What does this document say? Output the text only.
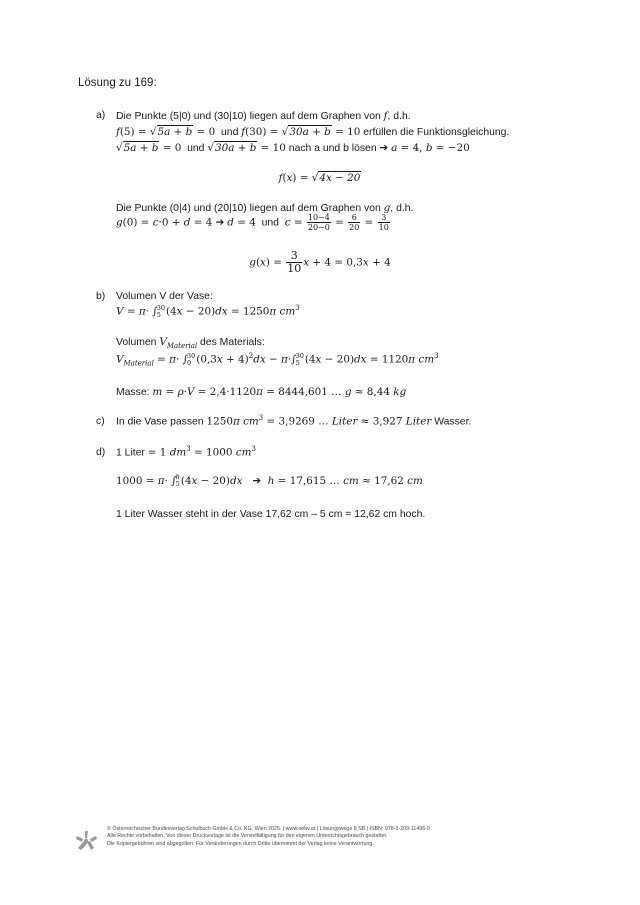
Lösung zu 169:
a) Die Punkte (5|0) und (30|10) liegen auf dem Graphen von f, d.h.
f(5) = √5a + b = 0  und f(30) = √30a + b = 10 erfüllen die Funktionsgleichung.
√5a + b = 0  und √30a + b = 10 nach a und b lösen ➔ a = 4, b = −20
f(x) = √4x − 20
Die Punkte (0|4) und (20|10) liegen auf dem Graphen von g, d.h.
g(0) = c·0 + d = 4 ➔ d = 4  und  $c = \frac{10-4}{20-0} = \frac{6}{20} = \frac{3}{10}$
$g(x) = \frac{3}{10}$ x + 4 = 0,3x + 4
b) Volumen V der Vase:
V = π· ∫ 30
5 (4x − 20)dx = 1250π $cm^3$
Volumen $V_{Material}$ des Materials:
$V_{Material} = \pi\cdot$ ∫ 30
0 $(0,3x + 4)^2dx - \pi\cdot\int$ 30
5 (4x − 20)dx = 1120π $cm^3$
Masse: m = ρ·V = 2,4·1120π = 8444,601 … g ≈ 8,44 kg
c) In die Vase passen 1250π $cm^3 = 3,9269$ … Liter ≈ 3,927 Liter Wasser.
d) 1 Liter = 1 $dm^3 = 1000$ $cm^3$
1000 = π· ∫ h
5 (4x − 20)dx ➔ h = 17,615 … cm ≈ 17,62 cm
1 Liter Wasser steht in der Vase 17,62 cm – 5 cm = 12,62 cm hoch.
© Österreichischer Bundesverlag Schulbuch GmbH & Co. KG, Wien 2025. | www.oebv.at | Lösungswege 8 SB | ISBN: 978-3-209-11496-9
Alle Rechte vorbehalten. Von dieser Druckvorlage ist die Vervielfältigung für den eigenen Unterrichtsgebrauch gestattet.
Die Kopiergebühren sind abgegolten. Für Veränderungen durch Dritte übernimmt der Verlag keine Verantwortung.
